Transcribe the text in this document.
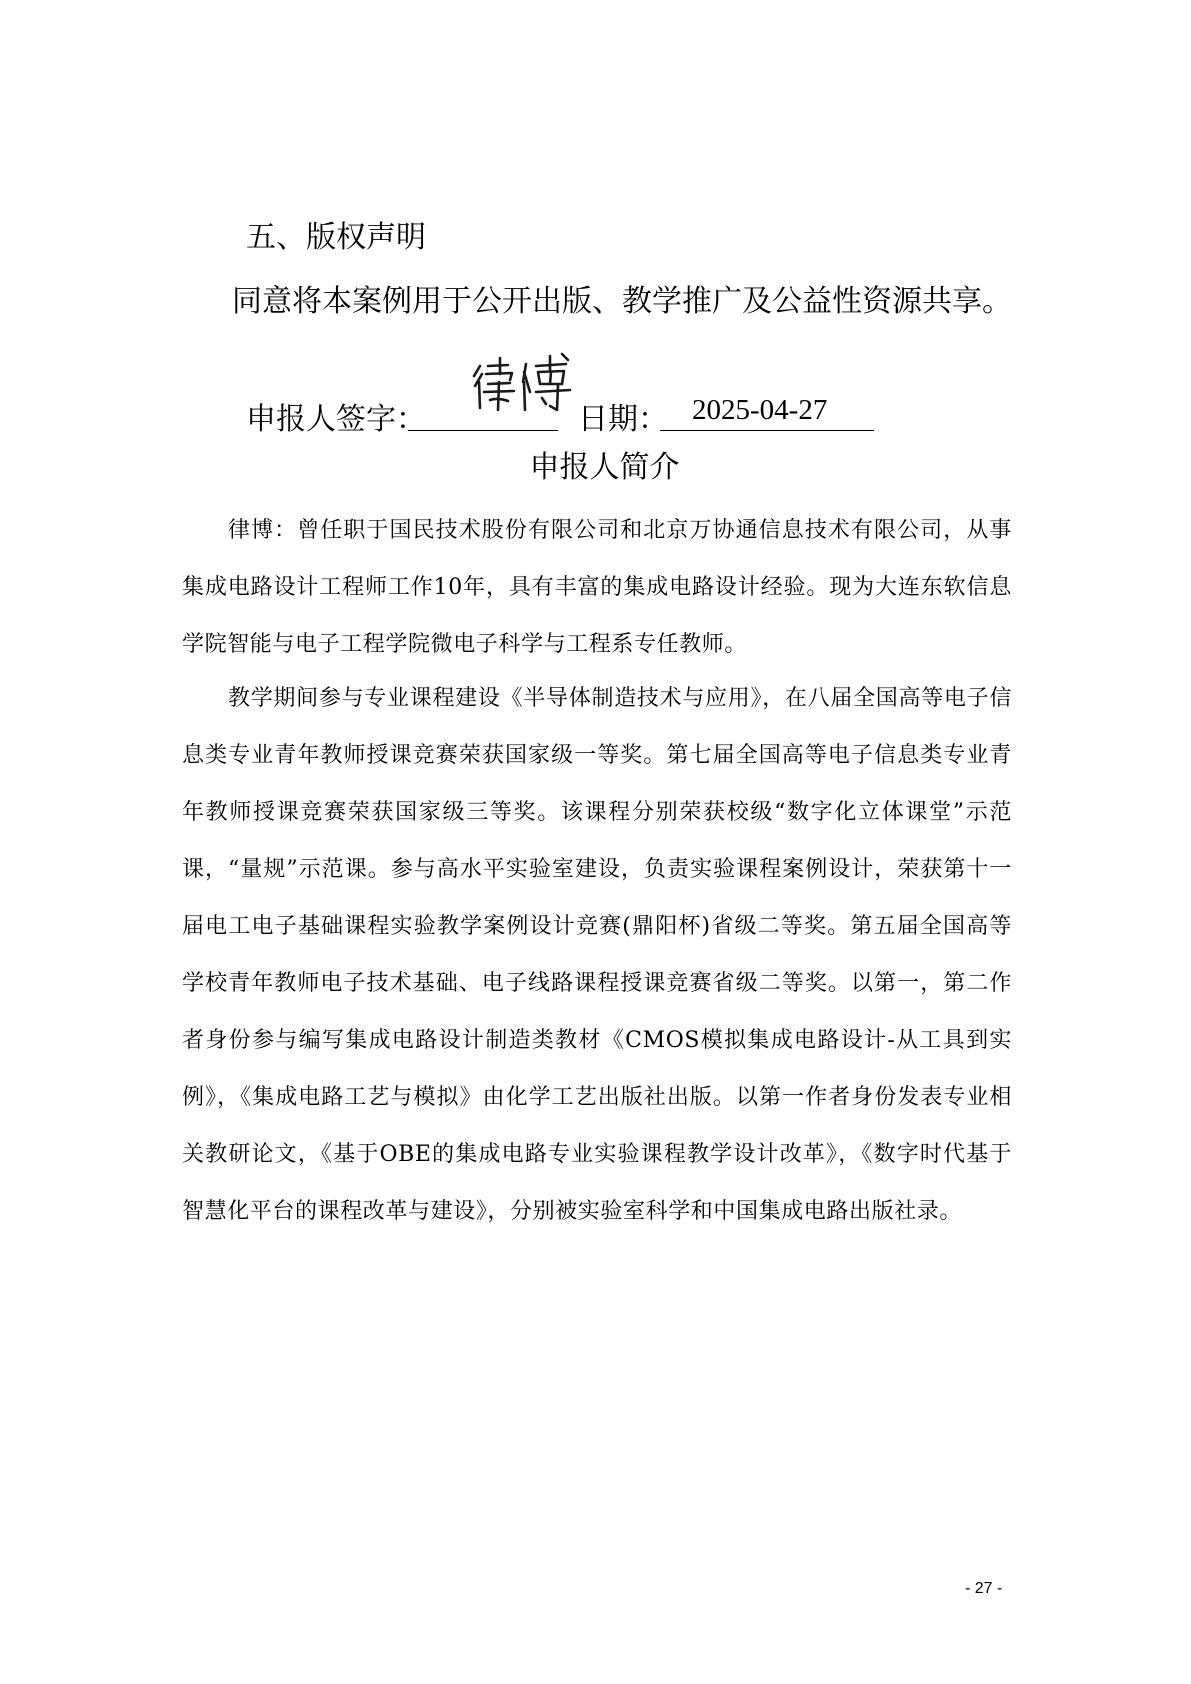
五、版权声明
同意将本案例用于公开出版、教学推广及公益性资源共享。
申报人签字：	日期： 2025-04-27
申报人简介

律博：曾任职于国民技术股份有限公司和北京万协通信息技术有限公司，从事集成电路设计工程师工作10年，具有丰富的集成电路设计经验。现为大连东软信息学院智能与电子工程学院微电子科学与工程系专任教师。

教学期间参与专业课程建设《半导体制造技术与应用》，在八届全国高等电子信息类专业青年教师授课竞赛荣获国家级一等奖。第七届全国高等电子信息类专业青年教师授课竞赛荣获国家级三等奖。该课程分别荣获校级“数字化立体课堂”示范课，“量规”示范课。参与高水平实验室建设，负责实验课程案例设计，荣获第十一届电工电子基础课程实验教学案例设计竞赛(鼎阳杯)省级二等奖。第五届全国高等学校青年教师电子技术基础、电子线路课程授课竞赛省级二等奖。以第一，第二作者身份参与编写集成电路设计制造类教材《CMOS模拟集成电路设计-从工具到实例》，《集成电路工艺与模拟》由化学工艺出版社出版。以第一作者身份发表专业相关教研论文，《基于OBE的集成电路专业实验课程教学设计改革》，《数字时代基于智慧化平台的课程改革与建设》，分别被实验室科学和中国集成电路出版社录。

- 27 -
